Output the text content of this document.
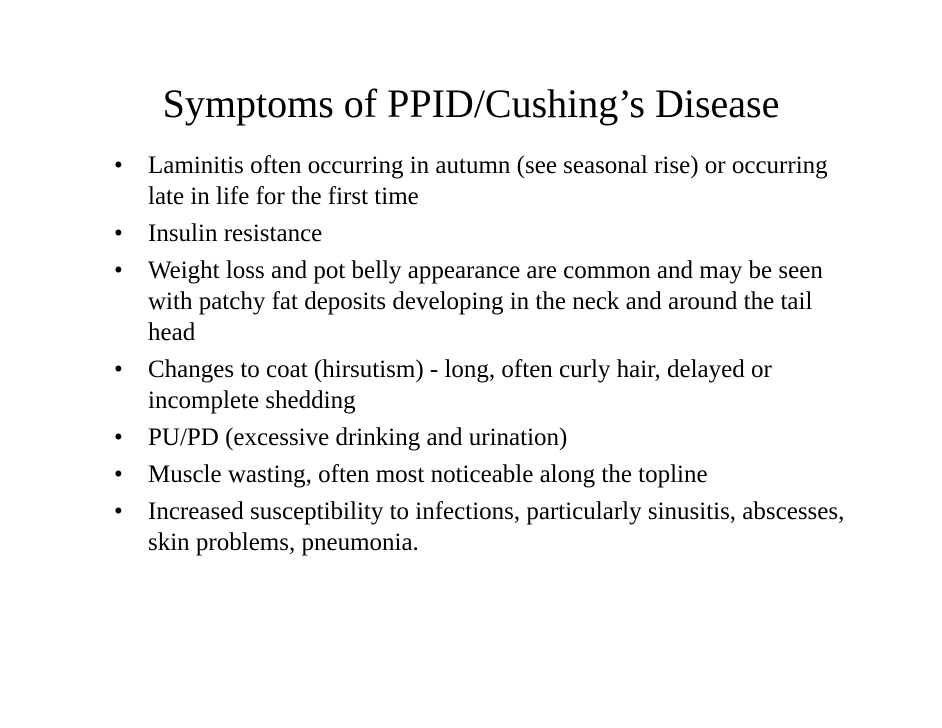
Symptoms of PPID/Cushing’s Disease
• Laminitis often occurring in autumn (see seasonal rise) or occurring late in life for the first time
• Insulin resistance
• Weight loss and pot belly appearance are common and may be seen with patchy fat deposits developing in the neck and around the tail head
• Changes to coat (hirsutism) - long, often curly hair, delayed or incomplete shedding
• PU/PD (excessive drinking and urination)
• Muscle wasting, often most noticeable along the topline
• Increased susceptibility to infections, particularly sinusitis, abscesses, skin problems, pneumonia.
